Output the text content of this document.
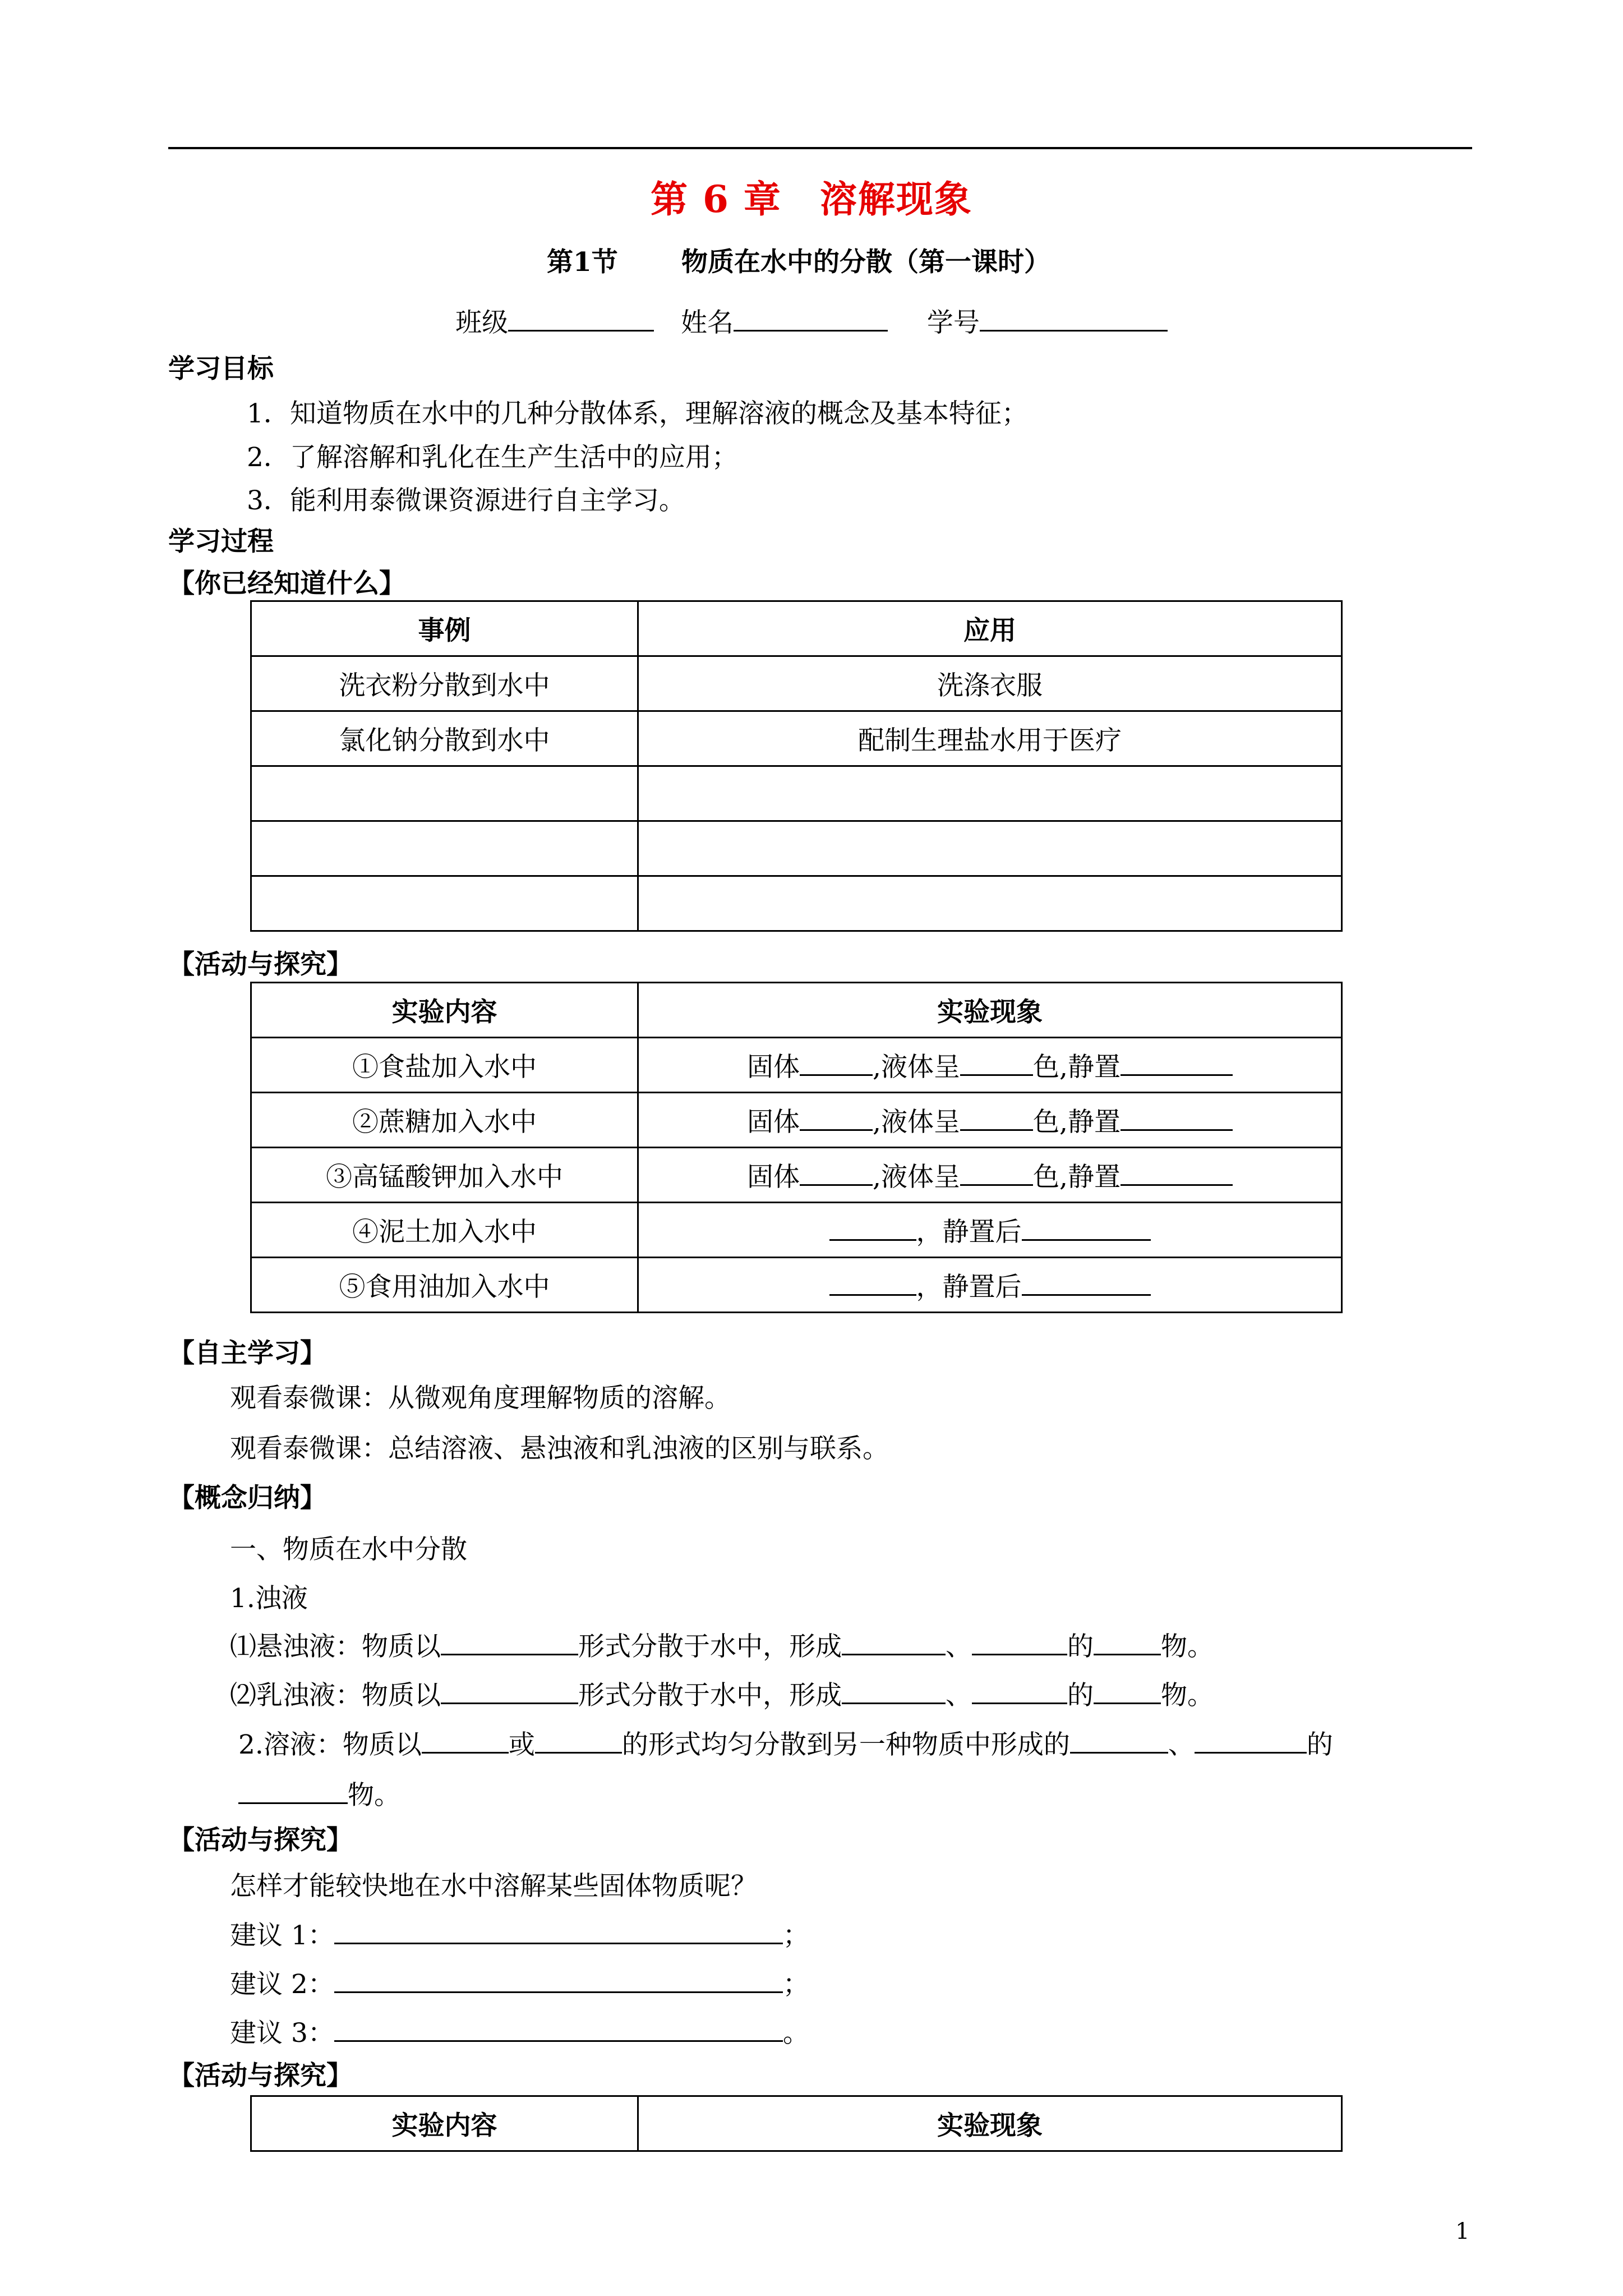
第 6 章　溶解现象
第1节 物质在水中的分散（第一课时）
班级	姓名	学号
学习目标
1．知道物质在水中的几种分散体系，理解溶液的概念及基本特征；
2．了解溶解和乳化在生产生活中的应用；
3．能利用泰微课资源进行自主学习。
学习过程
【你已经知道什么】
事例	应用
洗衣粉分散到水中	洗涤衣服
氯化钠分散到水中	配制生理盐水用于医疗

【活动与探究】
实验内容	实验现象
①食盐加入水中	固体 ,液体呈 色,静置
②蔗糖加入水中	固体 ,液体呈 色,静置
③高锰酸钾加入水中	固体 ,液体呈 色,静置
④泥土加入水中	，静置后
⑤食用油加入水中	，静置后
【自主学习】
观看泰微课：从微观角度理解物质的溶解。
观看泰微课：总结溶液、悬浊液和乳浊液的区别与联系。
【概念归纳】
一、物质在水中分散
1.浊液
⑴悬浊液：物质以	形式分散于水中，形成	、	的	物。
⑵乳浊液：物质以	形式分散于水中，形成	、	的	物。
2.溶液：物质以	或	的形式均匀分散到另一种物质中形成的	、	的
物。
【活动与探究】
怎样才能较快地在水中溶解某些固体物质呢？
建议 1：	；
建议 2：	；
建议 3：	。
【活动与探究】
实验内容	实验现象
1
